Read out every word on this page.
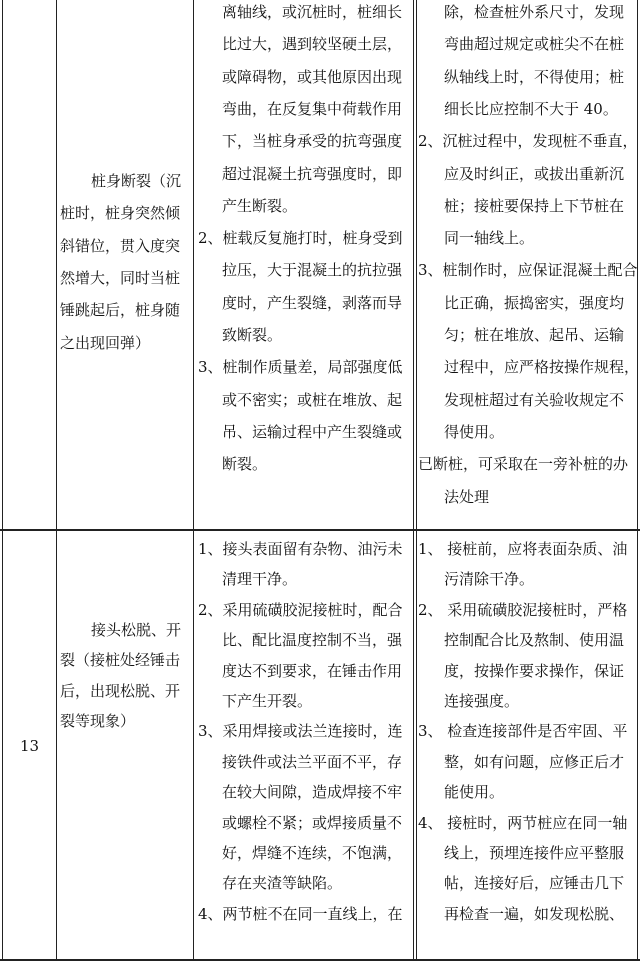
桩身断裂（沉
桩时，桩身突然倾
斜错位，贯入度突
然增大，同时当桩
锤跳起后，桩身随
之出现回弹）
离轴线，或沉桩时，桩细长
比过大，遇到较坚硬土层，
或障碍物，或其他原因出现
弯曲，在反复集中荷载作用
下，当桩身承受的抗弯强度
超过混凝土抗弯强度时，即
产生断裂。
2、桩载反复施打时，桩身受到
拉压，大于混凝土的抗拉强
度时，产生裂缝，剥落而导
致断裂。
3、桩制作质量差，局部强度低
或不密实；或桩在堆放、起
吊、运输过程中产生裂缝或
断裂。
除，检查桩外系尺寸，发现
弯曲超过规定或桩尖不在桩
纵轴线上时，不得使用；桩
细长比应控制不大于 40。
2、沉桩过程中，发现桩不垂直，
应及时纠正，或拔出重新沉
桩；接桩要保持上下节桩在
同一轴线上。
3、桩制作时，应保证混凝土配合
比正确，振捣密实，强度均
匀；桩在堆放、起吊、运输
过程中，应严格按操作规程，
发现桩超过有关验收规定不
得使用。
已断桩，可采取在一旁补桩的办
法处理
13
接头松脱、开
裂（接桩处经锤击
后，出现松脱、开
裂等现象）
1、接头表面留有杂物、油污未
清理干净。
2、采用硫磺胶泥接桩时，配合
比、配比温度控制不当，强
度达不到要求，在锤击作用
下产生开裂。
3、采用焊接或法兰连接时，连
接铁件或法兰平面不平，存
在较大间隙，造成焊接不牢
或螺栓不紧；或焊接质量不
好，焊缝不连续，不饱满，
存在夹渣等缺陷。
4、两节桩不在同一直线上，在
1、 接桩前，应将表面杂质、油
污清除干净。
2、 采用硫磺胶泥接桩时，严格
控制配合比及熬制、使用温
度，按操作要求操作，保证
连接强度。
3、 检查连接部件是否牢固、平
整，如有问题，应修正后才
能使用。
4、 接桩时，两节桩应在同一轴
线上，预埋连接件应平整服
帖，连接好后，应锤击几下
再检查一遍，如发现松脱、
